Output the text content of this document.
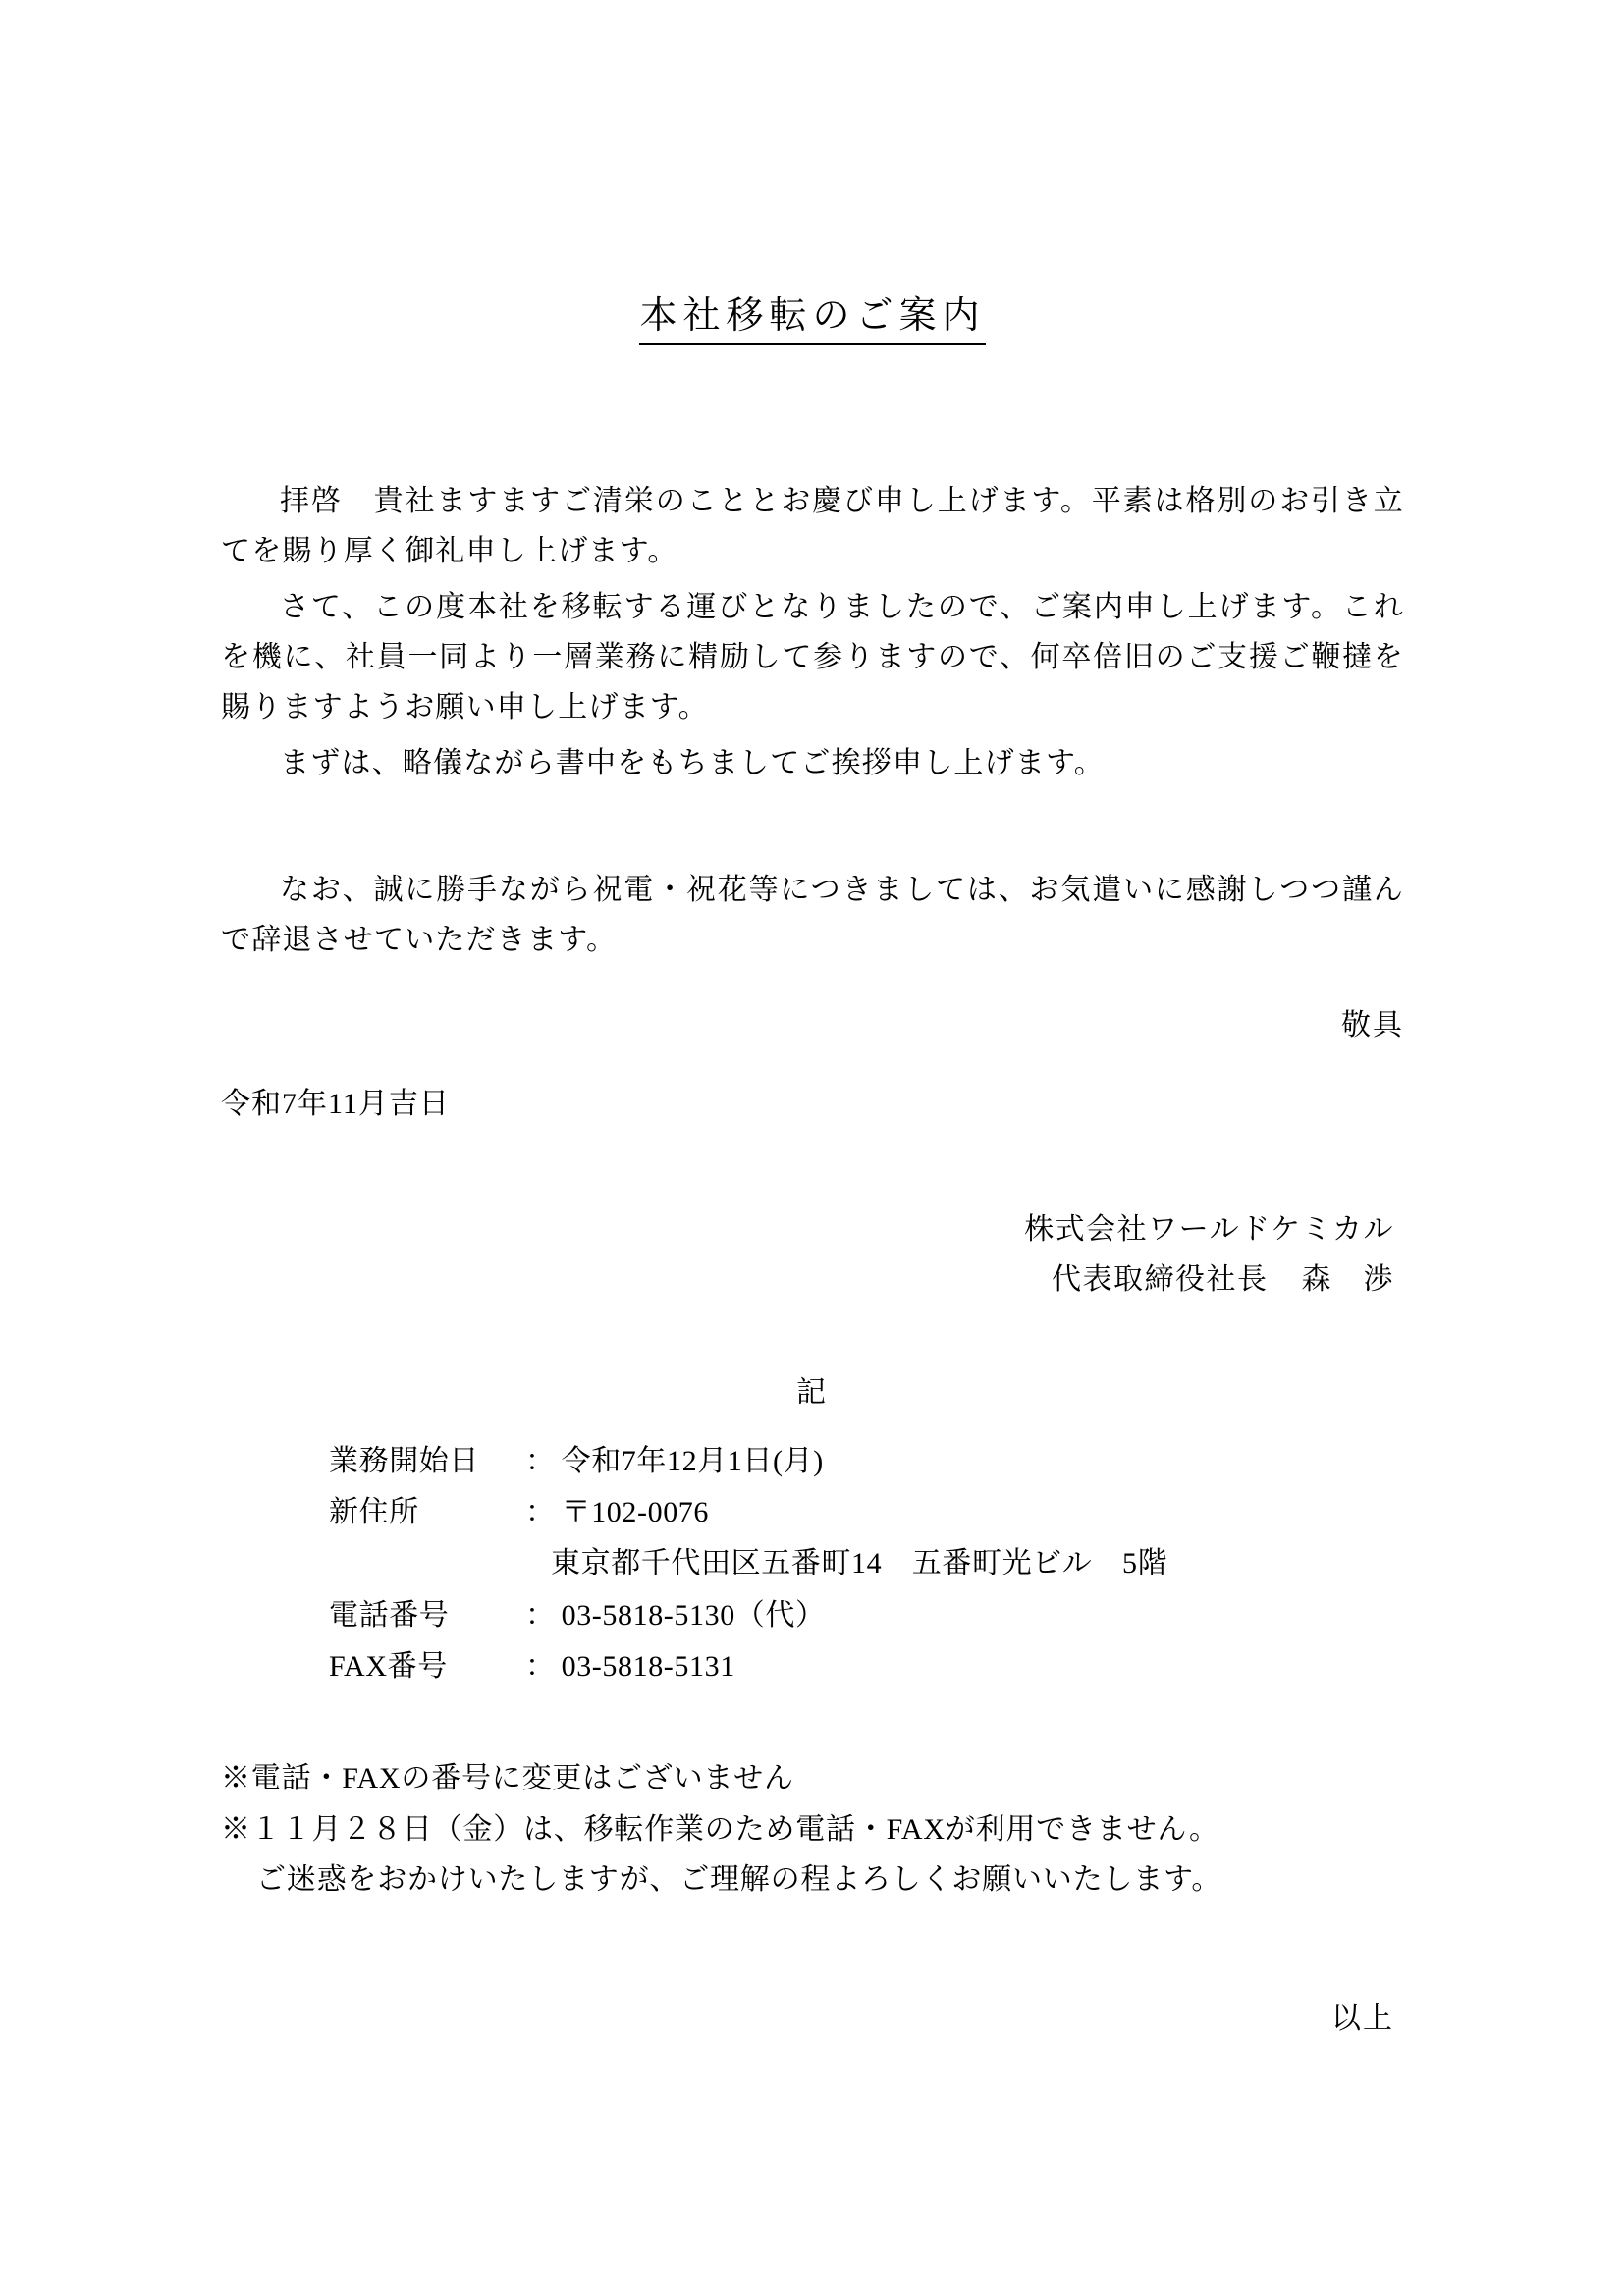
本社移転のご案内

拝啓　貴社ますますご清栄のこととお慶び申し上げます。平素は格別のお引き立てを賜り厚く御礼申し上げます。

さて、この度本社を移転する運びとなりましたので、ご案内申し上げます。これを機に、社員一同より一層業務に精励して参りますので、何卒倍旧のご支援ご鞭撻を賜りますようお願い申し上げます。

まずは、略儀ながら書中をもちましてご挨拶申し上げます。

なお、誠に勝手ながら祝電・祝花等につきましては、お気遣いに感謝しつつ謹んで辞退させていただきます。

敬具
令和7年11月吉日
株式会社ワールドケミカル
代表取締役社長 森　渉
記
業務開始日	： 令和7年12月1日(月)
新住所	： 〒102-0076
東京都千代田区五番町14　五番町光ビル　5階
電話番号	： 03-5818-5130（代）
FAX番号	： 03-5818-5131
※電話・FAXの番号に変更はございません
※１１月２８日（金）は、移転作業のため電話・FAXが利用できません。
ご迷惑をおかけいたしますが、ご理解の程よろしくお願いいたします。
以上
